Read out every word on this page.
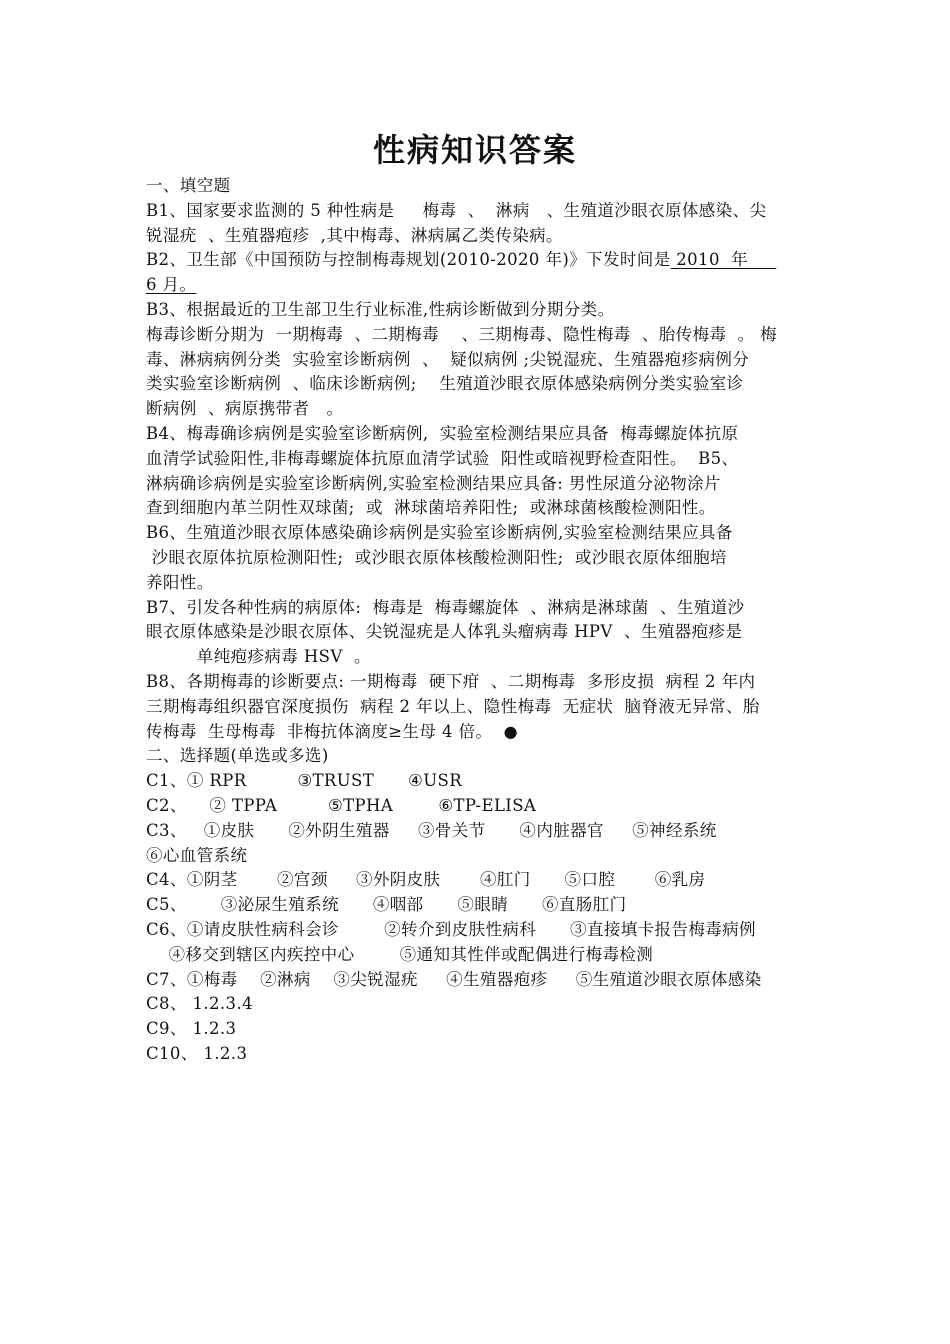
性病知识答案
一、填空题
B1、国家要求监测的 5 种性病是     梅毒  、  淋病   、生殖道沙眼衣原体感染、尖
锐湿疣  、生殖器疱疹  ,其中梅毒、淋病属乙类传染病。
B2、卫生部《中国预防与控制梅毒规划(2010-2020 年)》下发时间是 2010  年
6 月。
B3、根据最近的卫生部卫生行业标准,性病诊断做到分期分类。
梅毒诊断分期为  一期梅毒  、二期梅毒    、三期梅毒、隐性梅毒  、胎传梅毒  。 梅
毒、淋病病例分类  实验室诊断病例  、  疑似病例 ;尖锐湿疣、生殖器疱疹病例分
类实验室诊断病例  、临床诊断病例;    生殖道沙眼衣原体感染病例分类实验室诊
断病例  、病原携带者   。
B4、梅毒确诊病例是实验室诊断病例,  实验室检测结果应具备  梅毒螺旋体抗原
血清学试验阳性,非梅毒螺旋体抗原血清学试验  阳性或暗视野检查阳性。  B5、
淋病确诊病例是实验室诊断病例,实验室检测结果应具备: 男性尿道分泌物涂片
查到细胞内革兰阴性双球菌;  或  淋球菌培养阳性;  或淋球菌核酸检测阳性。
B6、生殖道沙眼衣原体感染确诊病例是实验室诊断病例,实验室检测结果应具备
沙眼衣原体抗原检测阳性;  或沙眼衣原体核酸检测阳性;  或沙眼衣原体细胞培
养阳性。
B7、引发各种性病的病原体:  梅毒是  梅毒螺旋体  、淋病是淋球菌  、生殖道沙
眼衣原体感染是沙眼衣原体、尖锐湿疣是人体乳头瘤病毒 HPV  、生殖器疱疹是
单纯疱疹病毒 HSV  。
B8、各期梅毒的诊断要点: 一期梅毒  硬下疳  、二期梅毒  多形皮损  病程 2 年内
三期梅毒组织器官深度损伤  病程 2 年以上、隐性梅毒  无症状  脑脊液无异常、胎
传梅毒  生母梅毒  非梅抗体滴度≥生母 4 倍。 ●
二、选择题(单选或多选)
C1、① RPR         ③TRUST      ④USR
C2、    ② TPPA         ⑤TPHA        ⑥TP-ELISA
C3、   ①皮肤      ②外阴生殖器     ③骨关节      ④内脏器官     ⑤神经系统
⑥心血管系统
C4、①阴茎       ②宫颈     ③外阴皮肤       ④肛门      ⑤口腔       ⑥乳房
C5、      ③泌尿生殖系统      ④咽部      ⑤眼睛      ⑥直肠肛门
C6、①请皮肤性病科会诊        ②转介到皮肤性病科      ③直接填卡报告梅毒病例
④移交到辖区内疾控中心        ⑤通知其性伴或配偶进行梅毒检测
C7、①梅毒    ②淋病    ③尖锐湿疣     ④生殖器疱疹     ⑤生殖道沙眼衣原体感染
C8、 1.2.3.4
C9、 1.2.3
C10、 1.2.3
